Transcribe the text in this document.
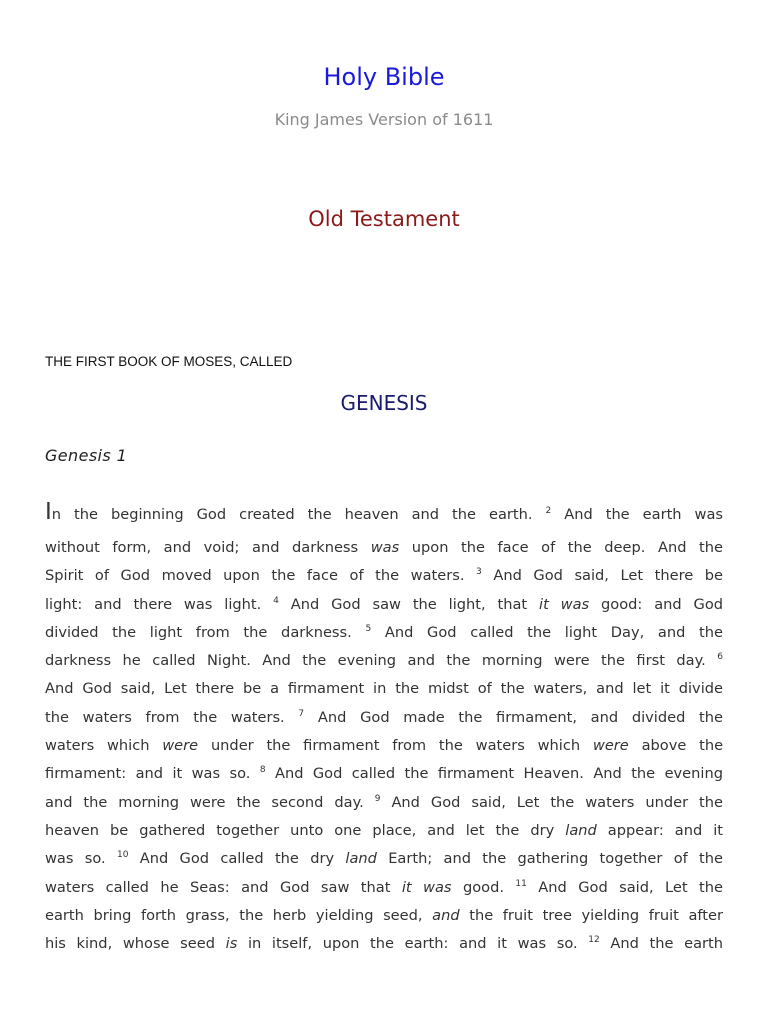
Holy Bible
King James Version of 1611
Old Testament
THE FIRST BOOK OF MOSES, CALLED
GENESIS
Genesis 1
In the beginning God created the heaven and the earth. $^2$ And the earth was
without form, and void; and darkness was upon the face of the deep. And the
Spirit of God moved upon the face of the waters. $^3$ And God said, Let there be
light: and there was light. $^4$ And God saw the light, that it was good: and God
divided the light from the darkness. $^5$ And God called the light Day, and the
darkness he called Night. And the evening and the morning were the first day. $^6$
And God said, Let there be a firmament in the midst of the waters, and let it divide
the waters from the waters. $^7$ And God made the firmament, and divided the
waters which were under the firmament from the waters which were above the
firmament: and it was so. $^8$ And God called the firmament Heaven. And the evening
and the morning were the second day. $^9$ And God said, Let the waters under the
heaven be gathered together unto one place, and let the dry land appear: and it
was so. $^{10}$ And God called the dry land Earth; and the gathering together of the
waters called he Seas: and God saw that it was good. $^{11}$ And God said, Let the
earth bring forth grass, the herb yielding seed, and the fruit tree yielding fruit after
his kind, whose seed is in itself, upon the earth: and it was so. $^{12}$ And the earth
